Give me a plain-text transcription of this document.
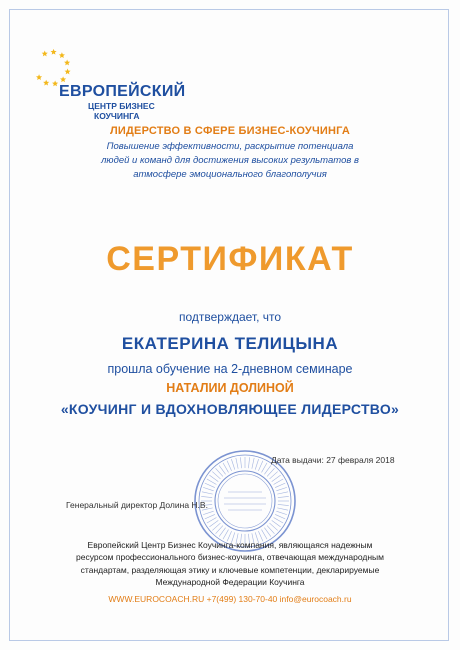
ЕВРОПЕЙСКИЙ
ЦЕНТР БИЗНЕС
КОУЧИНГА
ЛИДЕРСТВО В СФЕРЕ БИЗНЕС-КОУЧИНГА
Повышение эффективности, раскрытие потенциала
людей и команд для достижения высоких результатов в
атмосфере эмоционального благополучия
СЕРТИФИКАТ
подтверждает, что
ЕКАТЕРИНА ТЕЛИЦЫНА
прошла обучение на 2-дневном семинаре
НАТАЛИИ ДОЛИНОЙ
«КОУЧИНГ И ВДОХНОВЛЯЮЩЕЕ ЛИДЕРСТВО»
Дата выдачи: 27 февраля 2018
Генеральный директор Долина Н.В.
Европейский Центр Бизнес Коучинга-компания, являющаяся надежным
ресурсом профессионального бизнес-коучинга, отвечающая международным
стандартам, разделяющая этику и ключевые компетенции, декларируемые
Международной Федерации Коучинга
WWW.EUROCOACH.RU +7(499) 130-70-40 info@eurocoach.ru
